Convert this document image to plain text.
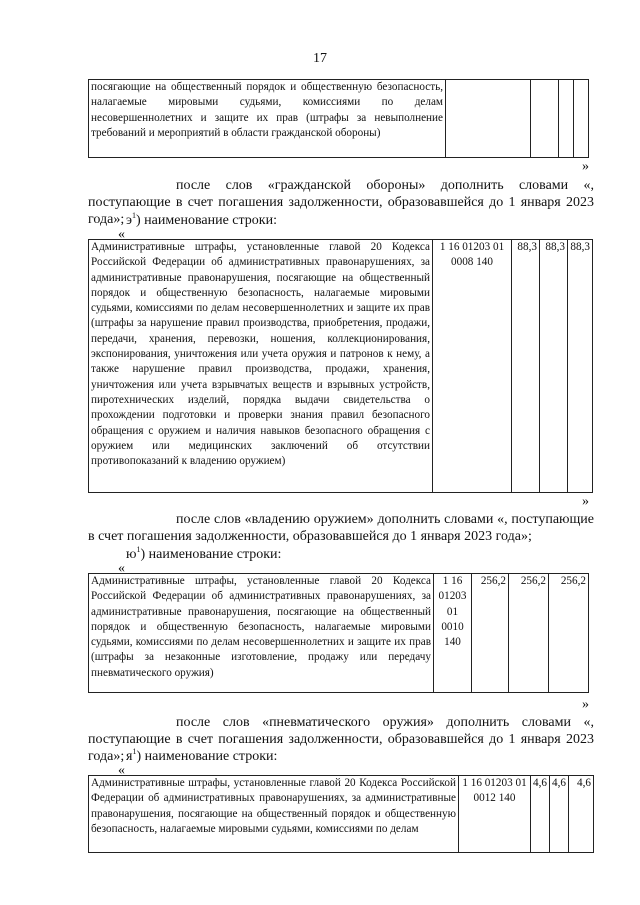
17
посягающие на общественный порядок и общественную безопасность, налагаемые мировыми судьями, комиссиями по делам несовершеннолетних и защите их прав (штрафы за невыполнение требований и мероприятий в области гражданской обороны)				
»
после слов «гражданской обороны» дополнить словами «, поступающие в счет погашения задолженности, образовавшейся до 1 января 2023 года»; $э^1$) наименование строки:
«
Административные штрафы, установленные главой 20 Кодекса Российской Федерации об административных правонарушениях, за административные правонарушения, посягающие на общественный порядок и общественную безопасность, налагаемые мировыми судьями, комиссиями по делам несовершеннолетних и защите их прав (штрафы за нарушение правил производства, приобретения, продажи, передачи, хранения, перевозки, ношения, коллекционирования, экспонирования, уничтожения или учета оружия и патронов к нему, а также нарушение правил производства, продажи, хранения, уничтожения или учета взрывчатых веществ и взрывных устройств, пиротехнических изделий, порядка выдачи свидетельства о прохождении подготовки и проверки знания правил безопасного обращения с оружием и наличия навыков безопасного обращения с оружием или медицинских заключений об отсутствии противопоказаний к владению оружием)	1 16 01203 01 0008 140	88,3	88,3	88,3
»
после слов «владению оружием» дополнить словами «, поступающие в счет погашения задолженности, образовавшейся до 1 января 2023 года»;
$ю^1$) наименование строки:
«
Административные штрафы, установленные главой 20 Кодекса Российской Федерации об административных правонарушениях, за административные правонарушения, посягающие на общественный порядок и общественную безопасность, налагаемые мировыми судьями, комиссиями по делам несовершеннолетних и защите их прав (штрафы за незаконные изготовление, продажу или передачу пневматического оружия)	1 16 01203 01 0010 140	256,2	256,2	256,2
»
после слов «пневматического оружия» дополнить словами «, поступающие в счет погашения задолженности, образовавшейся до 1 января 2023 года»; $я^1$) наименование строки:
«
Административные штрафы, установленные главой 20 Кодекса Российской Федерации об административных правонарушениях, за административные правонарушения, посягающие на общественный порядок и общественную безопасность, налагаемые мировыми судьями, комиссиями по делам	1 16 01203 01 0012 140	4,6	4,6	4,6
